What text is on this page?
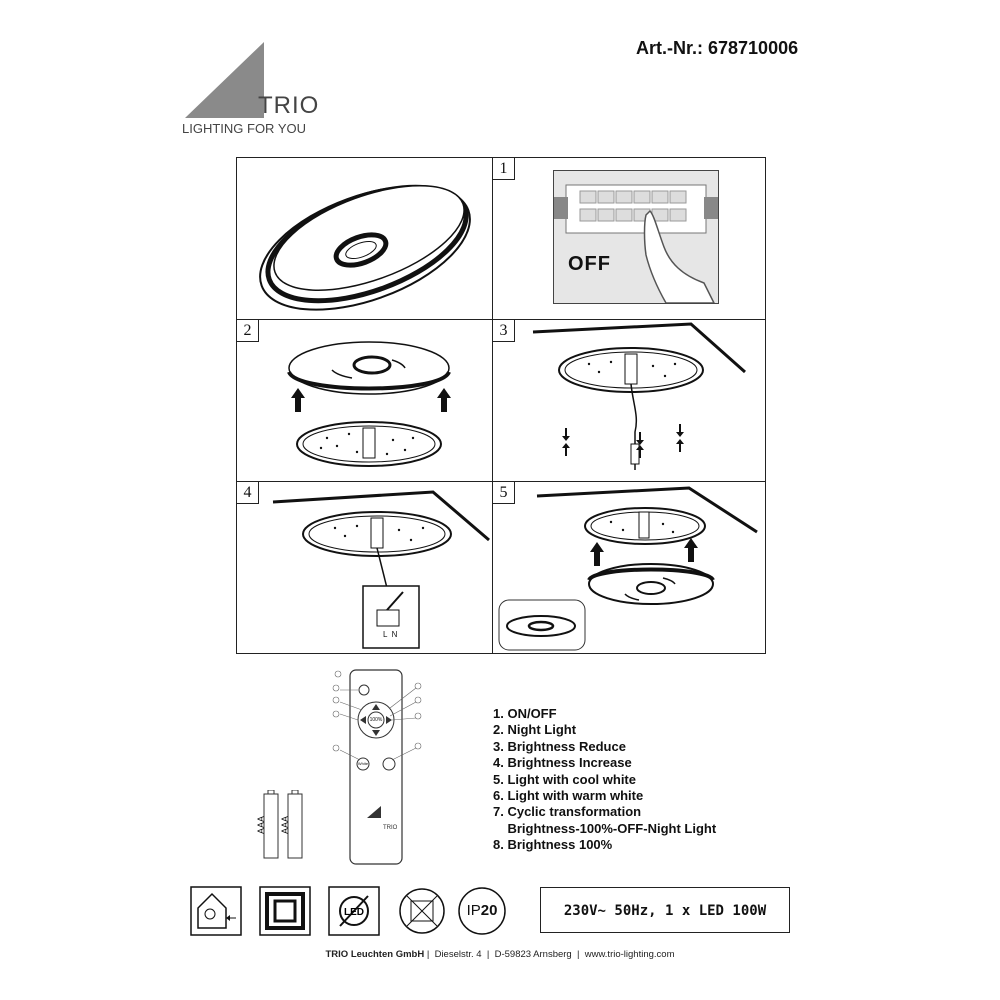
Art.-Nr.: 678710006
TRIO
LIGHTING FOR YOU
1
OFF
2	3
4
L  N
5
100%
White
TRIO
AAA AAA
1. ON/OFF
2. Night Light
3. Brightness Reduce
4. Brightness Increase
5. Light with cool white
6. Light with warm white
7. Cyclic transformation
Brightness-100%-OFF-Night Light
8. Brightness 100%
LED	IP20	230V~ 50Hz, 1 x LED 100W
TRIO Leuchten GmbH |  Dieselstr. 4  |  D-59823 Arnsberg  |  www.trio-lighting.com
